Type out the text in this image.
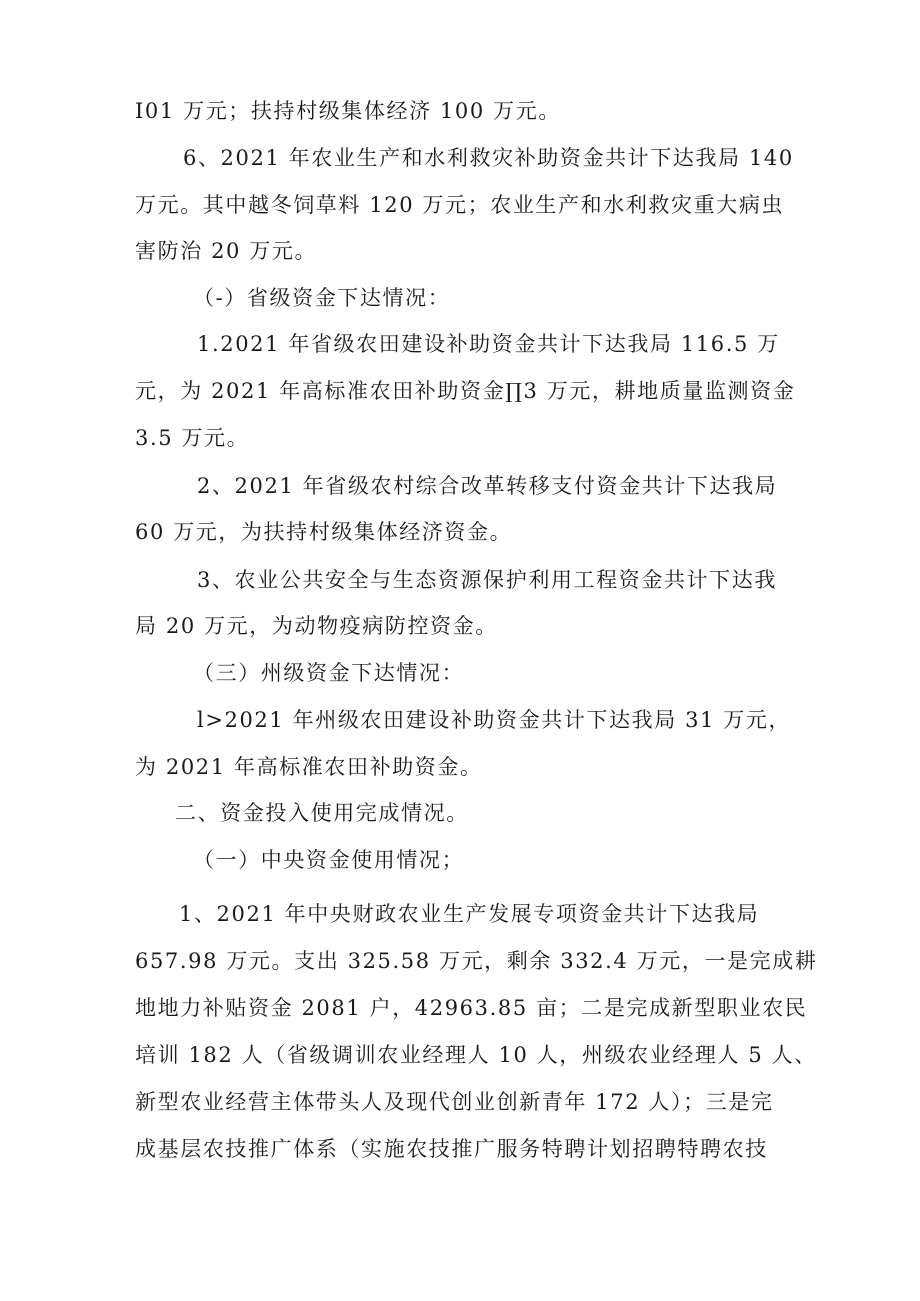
I01 万元；扶持村级集体经济 100 万元。
6、2021 年农业生产和水利救灾补助资金共计下达我局 140
万元。其中越冬饲草料 120 万元；农业生产和水利救灾重大病虫
害防治 20 万元。
（-）省级资金下达情况：
1.2021 年省级农田建设补助资金共计下达我局 116.5 万
元，为 2021 年高标准农田补助资金∏3 万元，耕地质量监测资金
3.5 万元。
2、2021 年省级农村综合改革转移支付资金共计下达我局
60 万元，为扶持村级集体经济资金。
3、农业公共安全与生态资源保护利用工程资金共计下达我
局 20 万元，为动物疫病防控资金。
（三）州级资金下达情况：
l>2021 年州级农田建设补助资金共计下达我局 31 万元，
为 2021 年高标准农田补助资金。
二、资金投入使用完成情况。
（一）中央资金使用情况；
1、2021 年中央财政农业生产发展专项资金共计下达我局
657.98 万元。支出 325.58 万元，剩余 332.4 万元，一是完成耕
地地力补贴资金 2081 户，42963.85 亩；二是完成新型职业农民
培训 182 人（省级调训农业经理人 10 人，州级农业经理人 5 人、
新型农业经营主体带头人及现代创业创新青年 172 人）；三是完
成基层农技推广体系（实施农技推广服务特聘计划招聘特聘农技
